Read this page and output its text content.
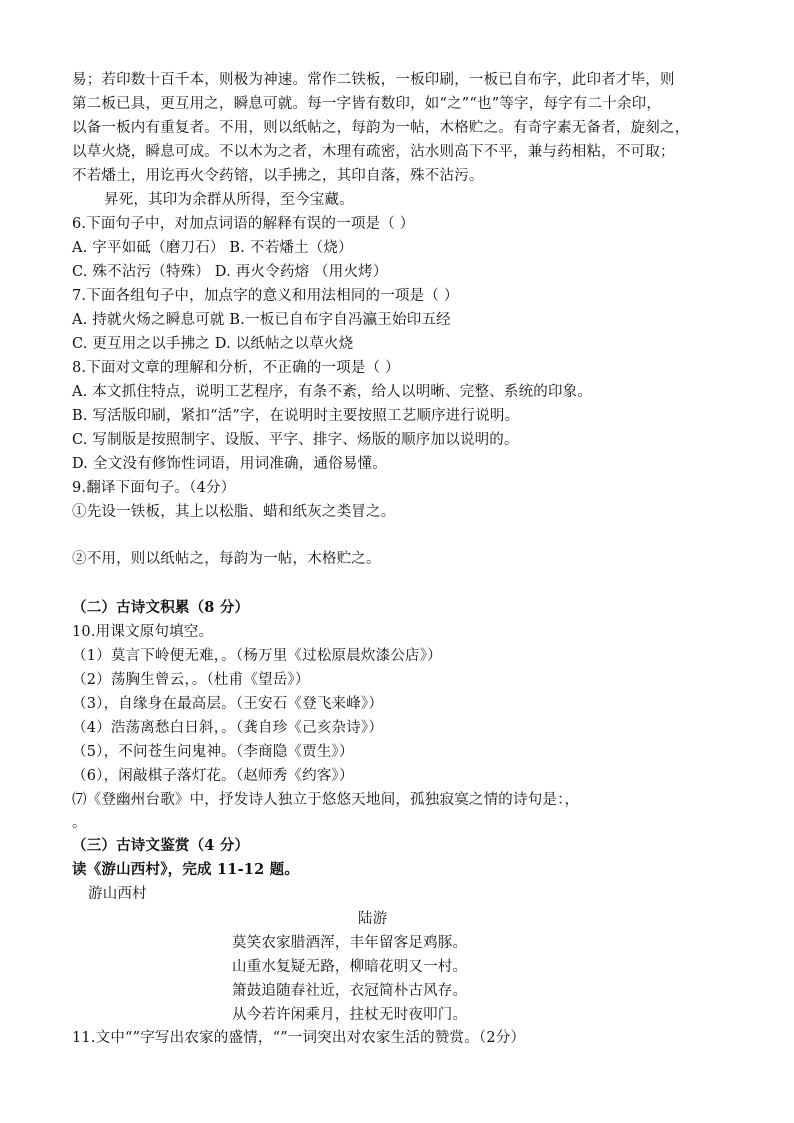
易；若印数十百千本，则极为神速。常作二铁板，一板印刷，一板已自布字，此印者才毕，则
第二板已具，更互用之，瞬息可就。每一字皆有数印，如“之”“也”等字，每字有二十余印，
以备一板内有重复者。不用，则以纸帖之，每韵为一帖，木格贮之。有奇字素无备者，旋刻之，
以草火烧，瞬息可成。不以木为之者，木理有疏密，沾水则高下不平，兼与药相粘，不可取；
不若燔土，用讫再火令药镕，以手拂之，其印自落，殊不沾污。
昇死，其印为余群从所得，至今宝藏。
6.下面句子中，对加点词语的解释有误的一项是（ ）
A. 字平如砥（磨刀石） B. 不若燔土（烧）
C. 殊不沾污（特殊） D. 再火令药熔 （用火烤）
7.下面各组句子中，加点字的意义和用法相同的一项是（ ）
A. 持就火炀之瞬息可就 B.一板已自布字自冯瀛王始印五经
C. 更互用之以手拂之 D. 以纸帖之以草火烧
8.下面对文章的理解和分析，不正确的一项是（ ）
A. 本文抓住特点，说明工艺程序，有条不紊，给人以明晰、完整、系统的印象。
B. 写活版印刷，紧扣“活”字，在说明时主要按照工艺顺序进行说明。
C. 写制版是按照制字、设版、平字、排字、炀版的顺序加以说明的。
D. 全文没有修饰性词语，用词准确，通俗易懂。
9.翻译下面句子。（4分）
①先设一铁板，其上以松脂、蜡和纸灰之类冒之。
②不用，则以纸帖之，每韵为一帖，木格贮之。
（二）古诗文积累（8 分）
10.用课文原句填空。
（1）莫言下岭便无难，。（杨万里《过松原晨炊漆公店》）
（2）荡胸生曾云，。（杜甫《望岳》）
（3），自缘身在最高层。（王安石《登飞来峰》）
（4）浩荡离愁白日斜，。（龚自珍《己亥杂诗》）
（5），不问苍生问鬼神。（李商隐《贾生》）
（6），闲敲棋子落灯花。（赵师秀《约客》）
⑺《登幽州台歌》中，抒发诗人独立于悠悠天地间，孤独寂寞之情的诗句是：，
。
（三）古诗文鉴赏（4 分）
读《游山西村》，完成 11-12 题。
游山西村
陆游
莫笑农家腊酒浑，丰年留客足鸡豚。
山重水复疑无路，柳暗花明又一村。
箫鼓追随春社近，衣冠简朴古风存。
从今若许闲乘月，拄杖无时夜叩门。
11.文中“”字写出农家的盛情，“”一词突出对农家生活的赞赏。（2分）
